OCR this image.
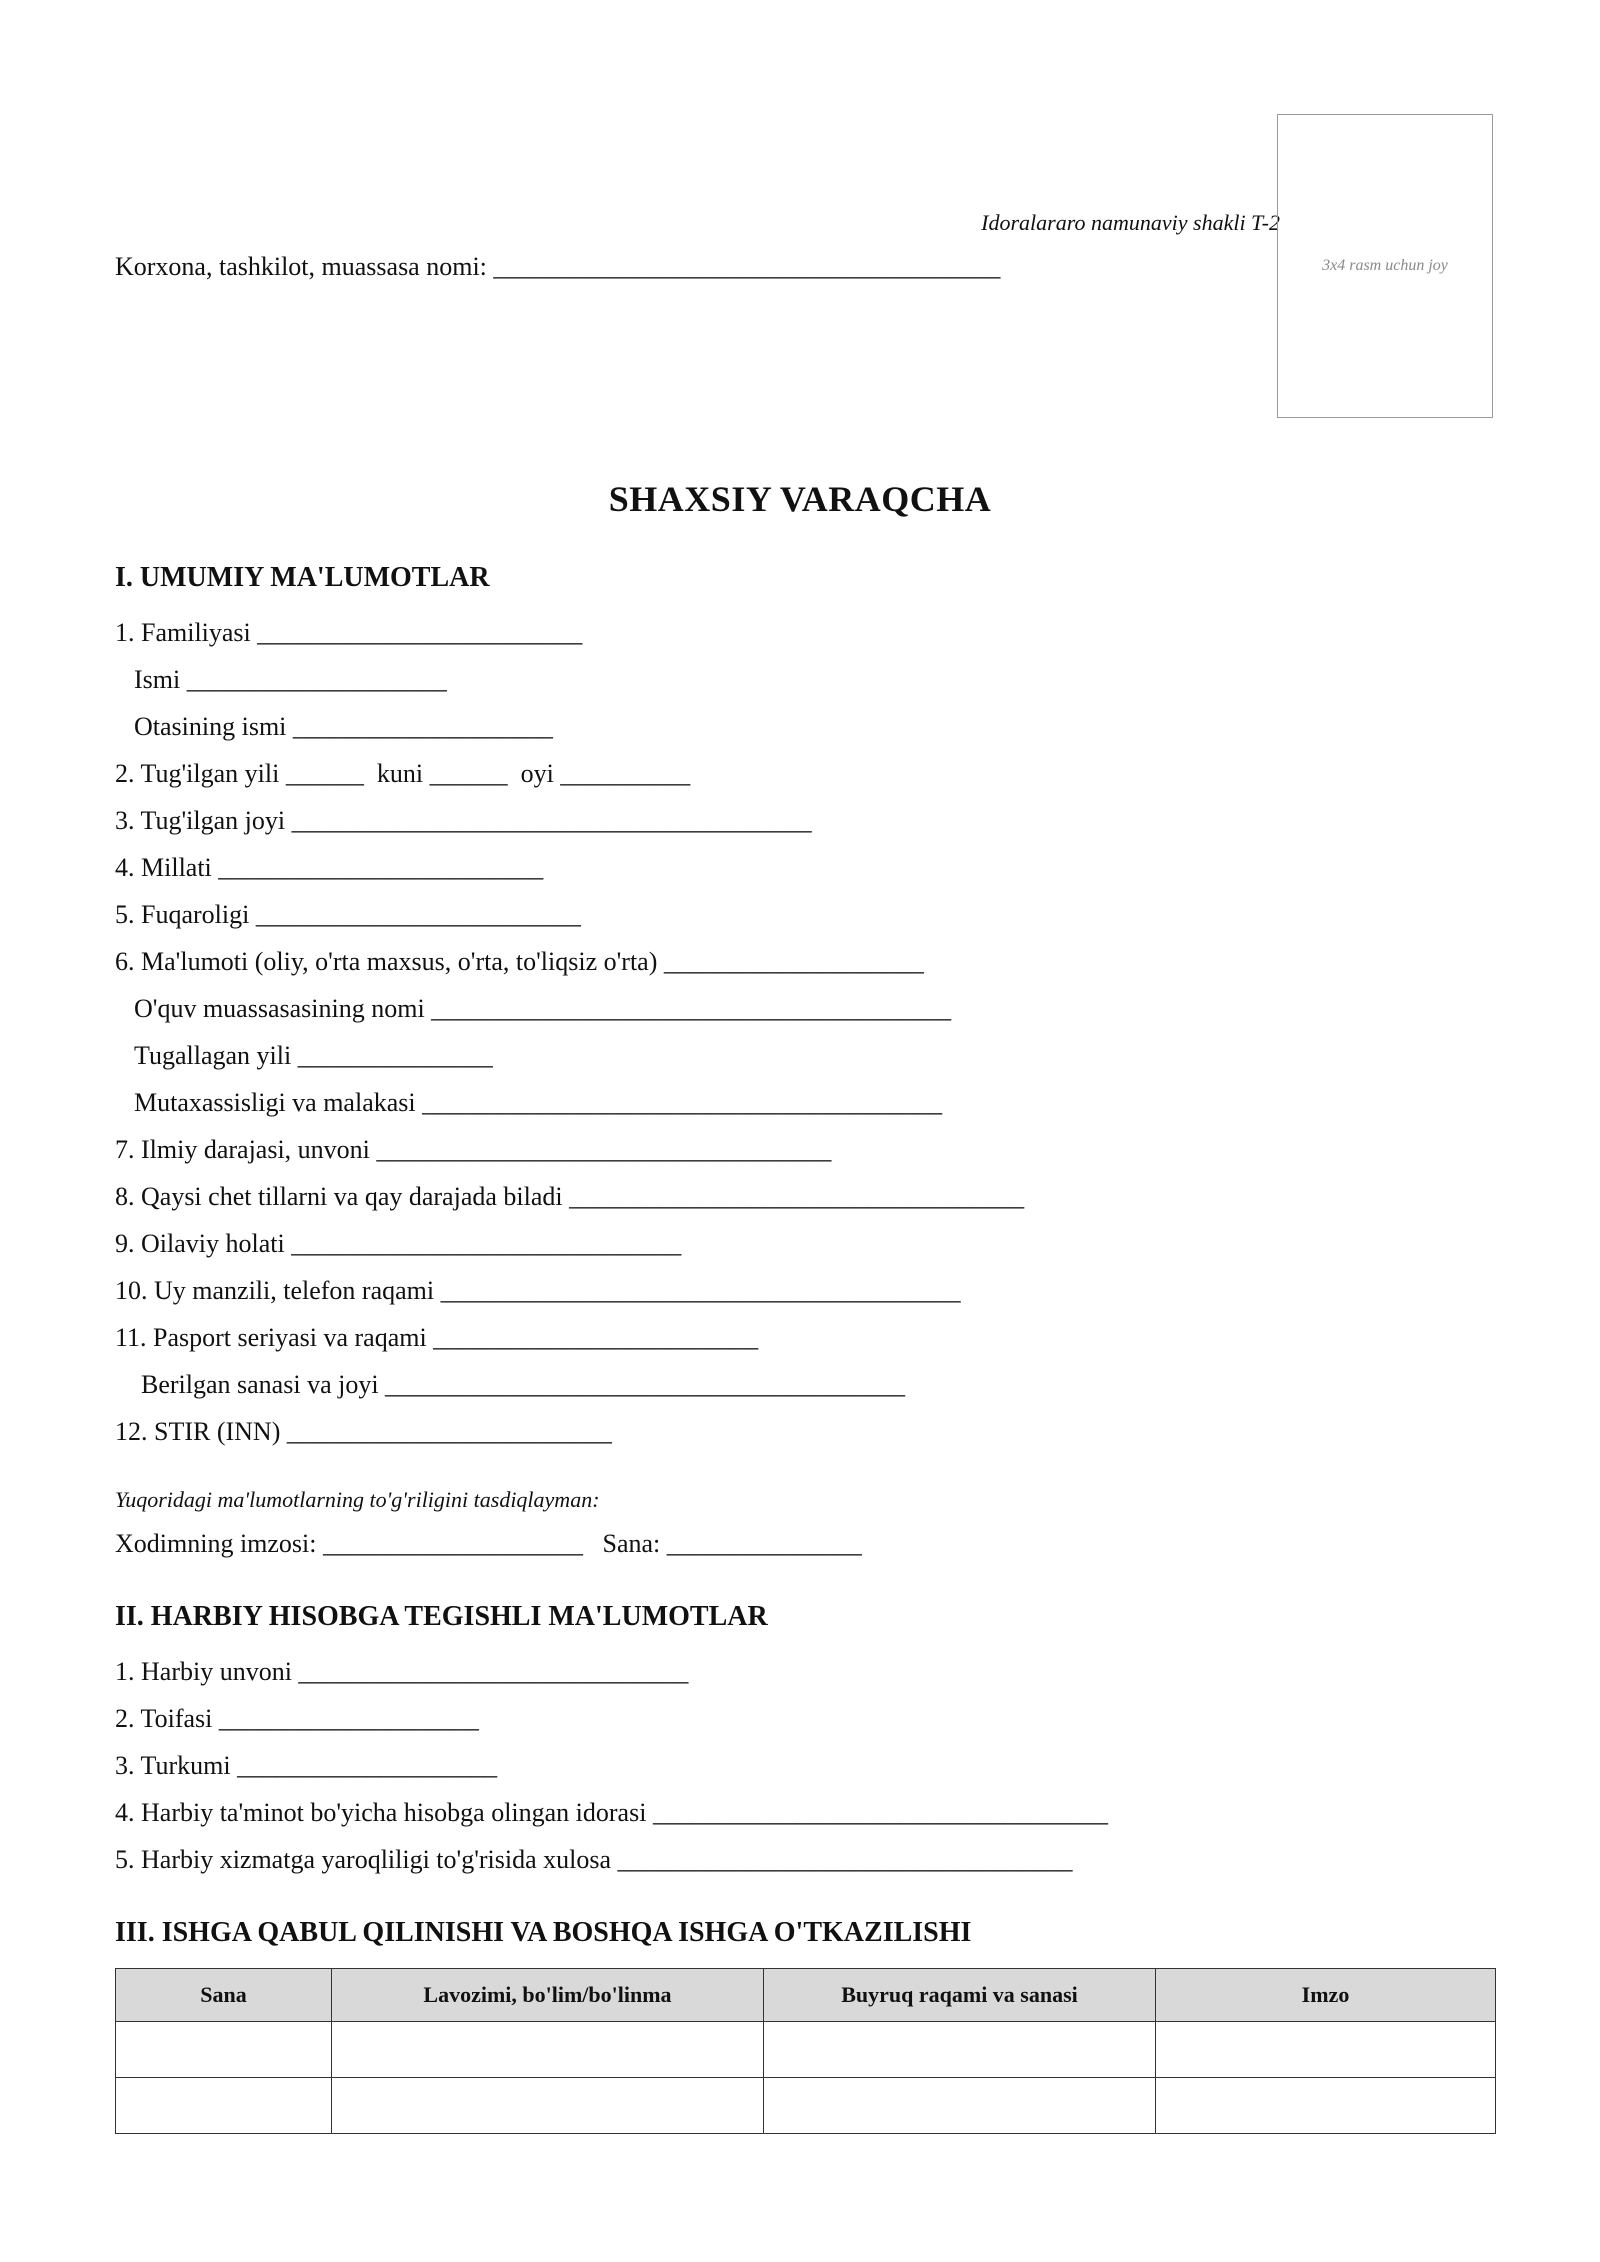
Idoralararo namunaviy shakli T-2
Korxona, tashkilot, muassasa nomi: _______________________________________	3x4 rasm uchun joy
SHAXSIY VARAQCHA
I. UMUMIY MA'LUMOTLAR
1. Familiyasi _________________________
Ismi ____________________
Otasining ismi ____________________
2. Tug'ilgan yili ______  kuni ______  oyi __________
3. Tug'ilgan joyi ________________________________________
4. Millati _________________________
5. Fuqaroligi _________________________
6. Ma'lumoti (oliy, o'rta maxsus, o'rta, to'liqsiz o'rta) ____________________
O'quv muassasasining nomi ________________________________________
Tugallagan yili _______________
Mutaxassisligi va malakasi ________________________________________
7. Ilmiy darajasi, unvoni ___________________________________
8. Qaysi chet tillarni va qay darajada biladi ___________________________________
9. Oilaviy holati ______________________________
10. Uy manzili, telefon raqami ________________________________________
11. Pasport seriyasi va raqami _________________________
Berilgan sanasi va joyi ________________________________________
12. STIR (INN) _________________________
Yuqoridagi ma'lumotlarning to'g'riligini tasdiqlayman:
Xodimning imzosi: ____________________   Sana: _______________
II. HARBIY HISOBGA TEGISHLI MA'LUMOTLAR
1. Harbiy unvoni ______________________________
2. Toifasi ____________________
3. Turkumi ____________________
4. Harbiy ta'minot bo'yicha hisobga olingan idorasi ___________________________________
5. Harbiy xizmatga yaroqliligi to'g'risida xulosa ___________________________________
III. ISHGA QABUL QILINISHI VA BOSHQA ISHGA O'TKAZILISHI
Sana	Lavozimi, bo'lim/bo'linma	Buyruq raqami va sanasi	Imzo
